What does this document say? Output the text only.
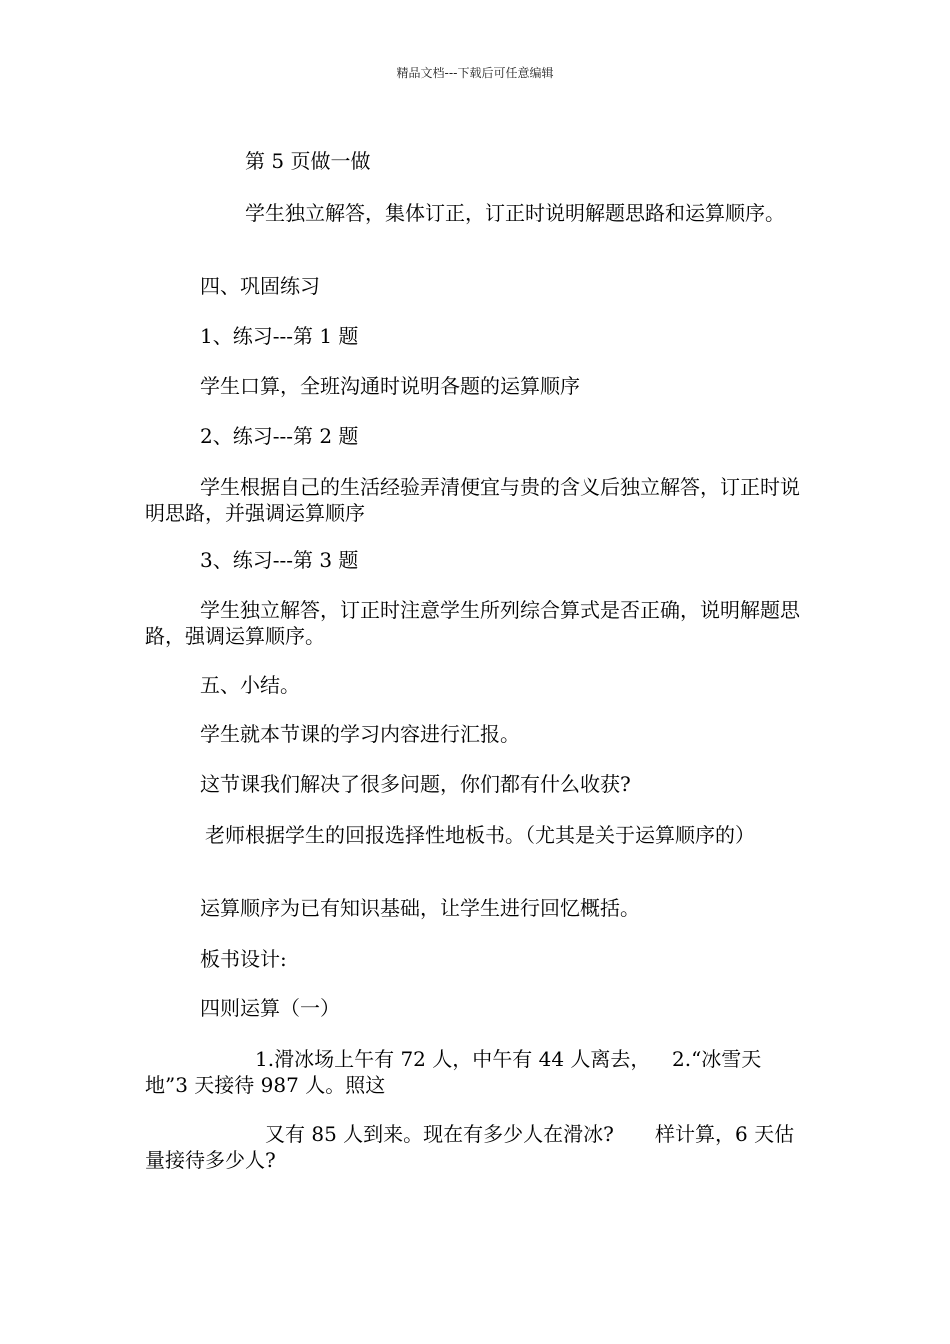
精品文档---下载后可任意编辑
第 5 页做一做
学生独立解答，集体订正，订正时说明解题思路和运算顺序。
四、巩固练习
1、练习---第 1 题
学生口算，全班沟通时说明各题的运算顺序
2、练习---第 2 题
学生根据自己的生活经验弄清便宜与贵的含义后独立解答，订正时说明思路，并强调运算顺序
3、练习---第 3 题
学生独立解答，订正时注意学生所列综合算式是否正确，说明解题思路，强调运算顺序。
五、小结。
学生就本节课的学习内容进行汇报。
这节课我们解决了很多问题，你们都有什么收获?
老师根据学生的回报选择性地板书。（尤其是关于运算顺序的）
运算顺序为已有知识基础，让学生进行回忆概括。
板书设计:
四则运算（一）
1.滑冰场上午有 72 人，中午有 44 人离去， 2.“冰雪天
地”3 天接待 987 人。照这
又有 85 人到来。现在有多少人在滑冰? 样计算，6 天估
量接待多少人?
